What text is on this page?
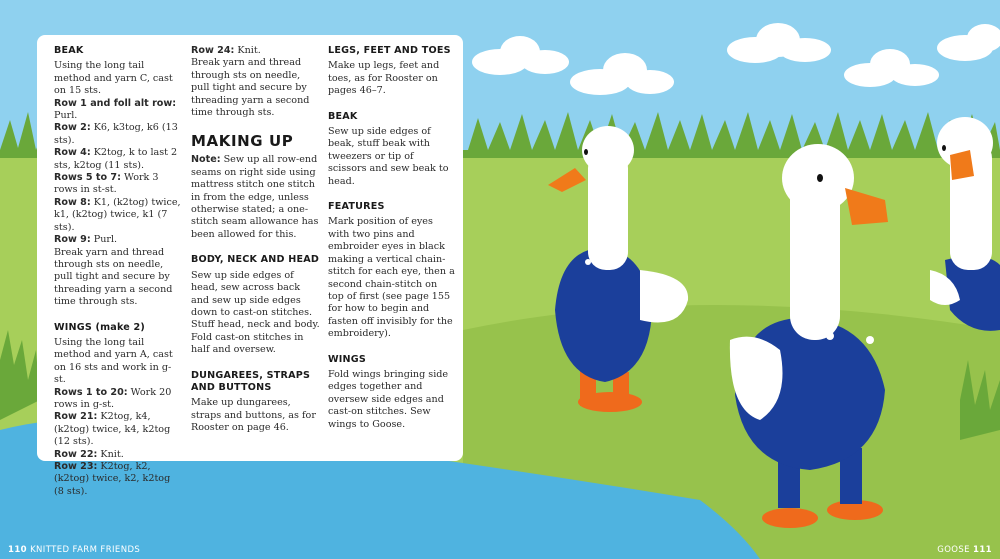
BEAK

Using the long tail method and yarn C, cast on 15 sts.

Row 1 and foll alt row: Purl.

Row 2: K6, k3tog, k6 (13 sts).

Row 4: K2tog, k to last 2 sts, k2tog (11 sts).

Rows 5 to 7: Work 3 rows in st-st.

Row 8: K1, (k2tog) twice, k1, (k2tog) twice, k1 (7 sts).

Row 9: Purl.

Break yarn and thread through sts on needle, pull tight and secure by threading yarn a second time through sts.

WINGS (make 2)

Using the long tail method and yarn A, cast on 16 sts and work in g-st.

Rows 1 to 20: Work 20 rows in g-st.

Row 21: K2tog, k4, (k2tog) twice, k4, k2tog (12 sts).

Row 22: Knit.

Row 23: K2tog, k2, (k2tog) twice, k2, k2tog (8 sts).

Row 24: Knit.

Break yarn and thread through sts on needle, pull tight and secure by threading yarn a second time through sts.

MAKING UP

Note: Sew up all row-end seams on right side using mattress stitch one stitch in from the edge, unless otherwise stated; a one-stitch seam allowance has been allowed for this.

BODY, NECK AND HEAD

Sew up side edges of head, sew across back and sew up side edges down to cast-on stitches. Stuff head, neck and body. Fold cast-on stitches in half and oversew.

DUNGAREES, STRAPS AND BUTTONS

Make up dungarees, straps and buttons, as for Rooster on page 46.

LEGS, FEET AND TOES

Make up legs, feet and toes, as for Rooster on pages 46–7.

BEAK

Sew up side edges of beak, stuff beak with tweezers or tip of scissors and sew beak to head.

FEATURES

Mark position of eyes with two pins and embroider eyes in black making a vertical chain-stitch for each eye, then a second chain-stitch on top of first (see page 155 for how to begin and fasten off invisibly for the embroidery).

WINGS

Fold wings bringing side edges together and oversew side edges and cast-on stitches. Sew wings to Goose.

110 KNITTED FARM FRIENDS	GOOSE 111
